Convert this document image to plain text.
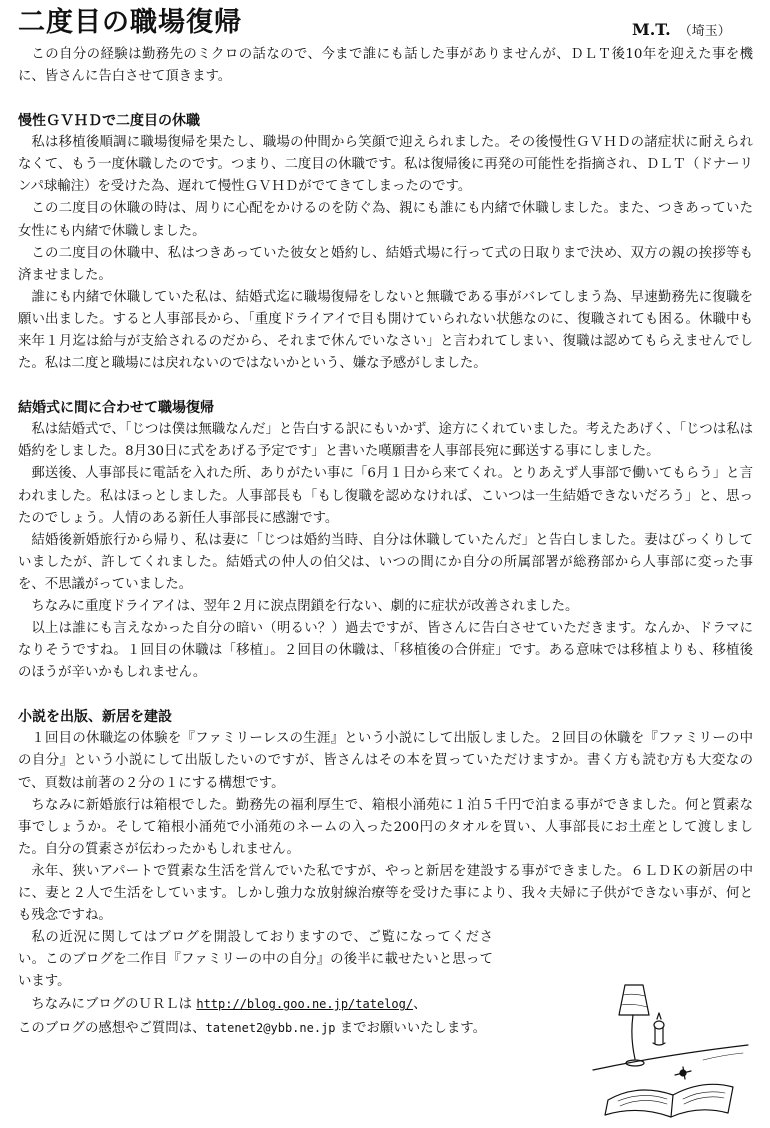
二度目の職場復帰	M.T. （埼玉）

この自分の経験は勤務先のミクロの話なので、今まで誰にも話した事がありませんが、ＤＬＴ後10年を迎えた事を機に、皆さんに告白させて頂きます。

慢性ＧＶＨＤで二度目の休職

私は移植後順調に職場復帰を果たし、職場の仲間から笑顔で迎えられました。その後慢性ＧＶＨＤの諸症状に耐えられなくて、もう一度休職したのです。つまり、二度目の休職です。私は復帰後に再発の可能性を指摘され、ＤＬＴ（ドナーリンパ球輸注）を受けた為、遅れて慢性ＧＶＨＤがでてきてしまったのです。

この二度目の休職の時は、周りに心配をかけるのを防ぐ為、親にも誰にも内緒で休職しました。また、つきあっていた女性にも内緒で休職しました。

この二度目の休職中、私はつきあっていた彼女と婚約し、結婚式場に行って式の日取りまで決め、双方の親の挨拶等も済ませました。

誰にも内緒で休職していた私は、結婚式迄に職場復帰をしないと無職である事がバレてしまう為、早速勤務先に復職を願い出ました。すると人事部長から、「重度ドライアイで目も開けていられない状態なのに、復職されても困る。休職中も来年１月迄は給与が支給されるのだから、それまで休んでいなさい」と言われてしまい、復職は認めてもらえませんでした。私は二度と職場には戻れないのではないかという、嫌な予感がしました。

結婚式に間に合わせて職場復帰

私は結婚式で、「じつは僕は無職なんだ」と告白する訳にもいかず、途方にくれていました。考えたあげく、「じつは私は婚約をしました。8月30日に式をあげる予定です」と書いた嘆願書を人事部長宛に郵送する事にしました。

郵送後、人事部長に電話を入れた所、ありがたい事に「6月１日から来てくれ。とりあえず人事部で働いてもらう」と言われました。私はほっとしました。人事部長も「もし復職を認めなければ、こいつは一生結婚できないだろう」と、思ったのでしょう。人情のある新任人事部長に感謝です。

結婚後新婚旅行から帰り、私は妻に「じつは婚約当時、自分は休職していたんだ」と告白しました。妻はびっくりしていましたが、許してくれました。結婚式の仲人の伯父は、いつの間にか自分の所属部署が総務部から人事部に変った事を、不思議がっていました。

ちなみに重度ドライアイは、翌年２月に涙点閉鎖を行ない、劇的に症状が改善されました。

以上は誰にも言えなかった自分の暗い（明るい？）過去ですが、皆さんに告白させていただきます。なんか、ドラマになりそうですね。１回目の休職は「移植」。２回目の休職は、「移植後の合併症」です。ある意味では移植よりも、移植後のほうが辛いかもしれません。

小説を出版、新居を建設

１回目の休職迄の体験を『ファミリーレスの生涯』という小説にして出版しました。２回目の休職を『ファミリーの中の自分』という小説にして出版したいのですが、皆さんはその本を買っていただけますか。書く方も読む方も大変なので、頁数は前著の２分の１にする構想です。

ちなみに新婚旅行は箱根でした。勤務先の福利厚生で、箱根小涌苑に１泊５千円で泊まる事ができました。何と質素な事でしょうか。そして箱根小涌苑で小涌苑のネームの入った200円のタオルを買い、人事部長にお土産として渡しました。自分の質素さが伝わったかもしれません。

永年、狭いアパートで質素な生活を営んでいた私ですが、やっと新居を建設する事ができました。６ＬＤＫの新居の中に、妻と２人で生活をしています。しかし強力な放射線治療等を受けた事により、我々夫婦に子供ができない事が、何とも残念ですね。

私の近況に関してはブログを開設しておりますので、ご覧になってください。このブログを二作目『ファミリーの中の自分』の後半に載せたいと思っています。

ちなみにブログのＵＲＬは http://blog.goo.ne.jp/tatelog/、

このブログの感想やご質問は、tatenet2@ybb.ne.jp までお願いいたします。
